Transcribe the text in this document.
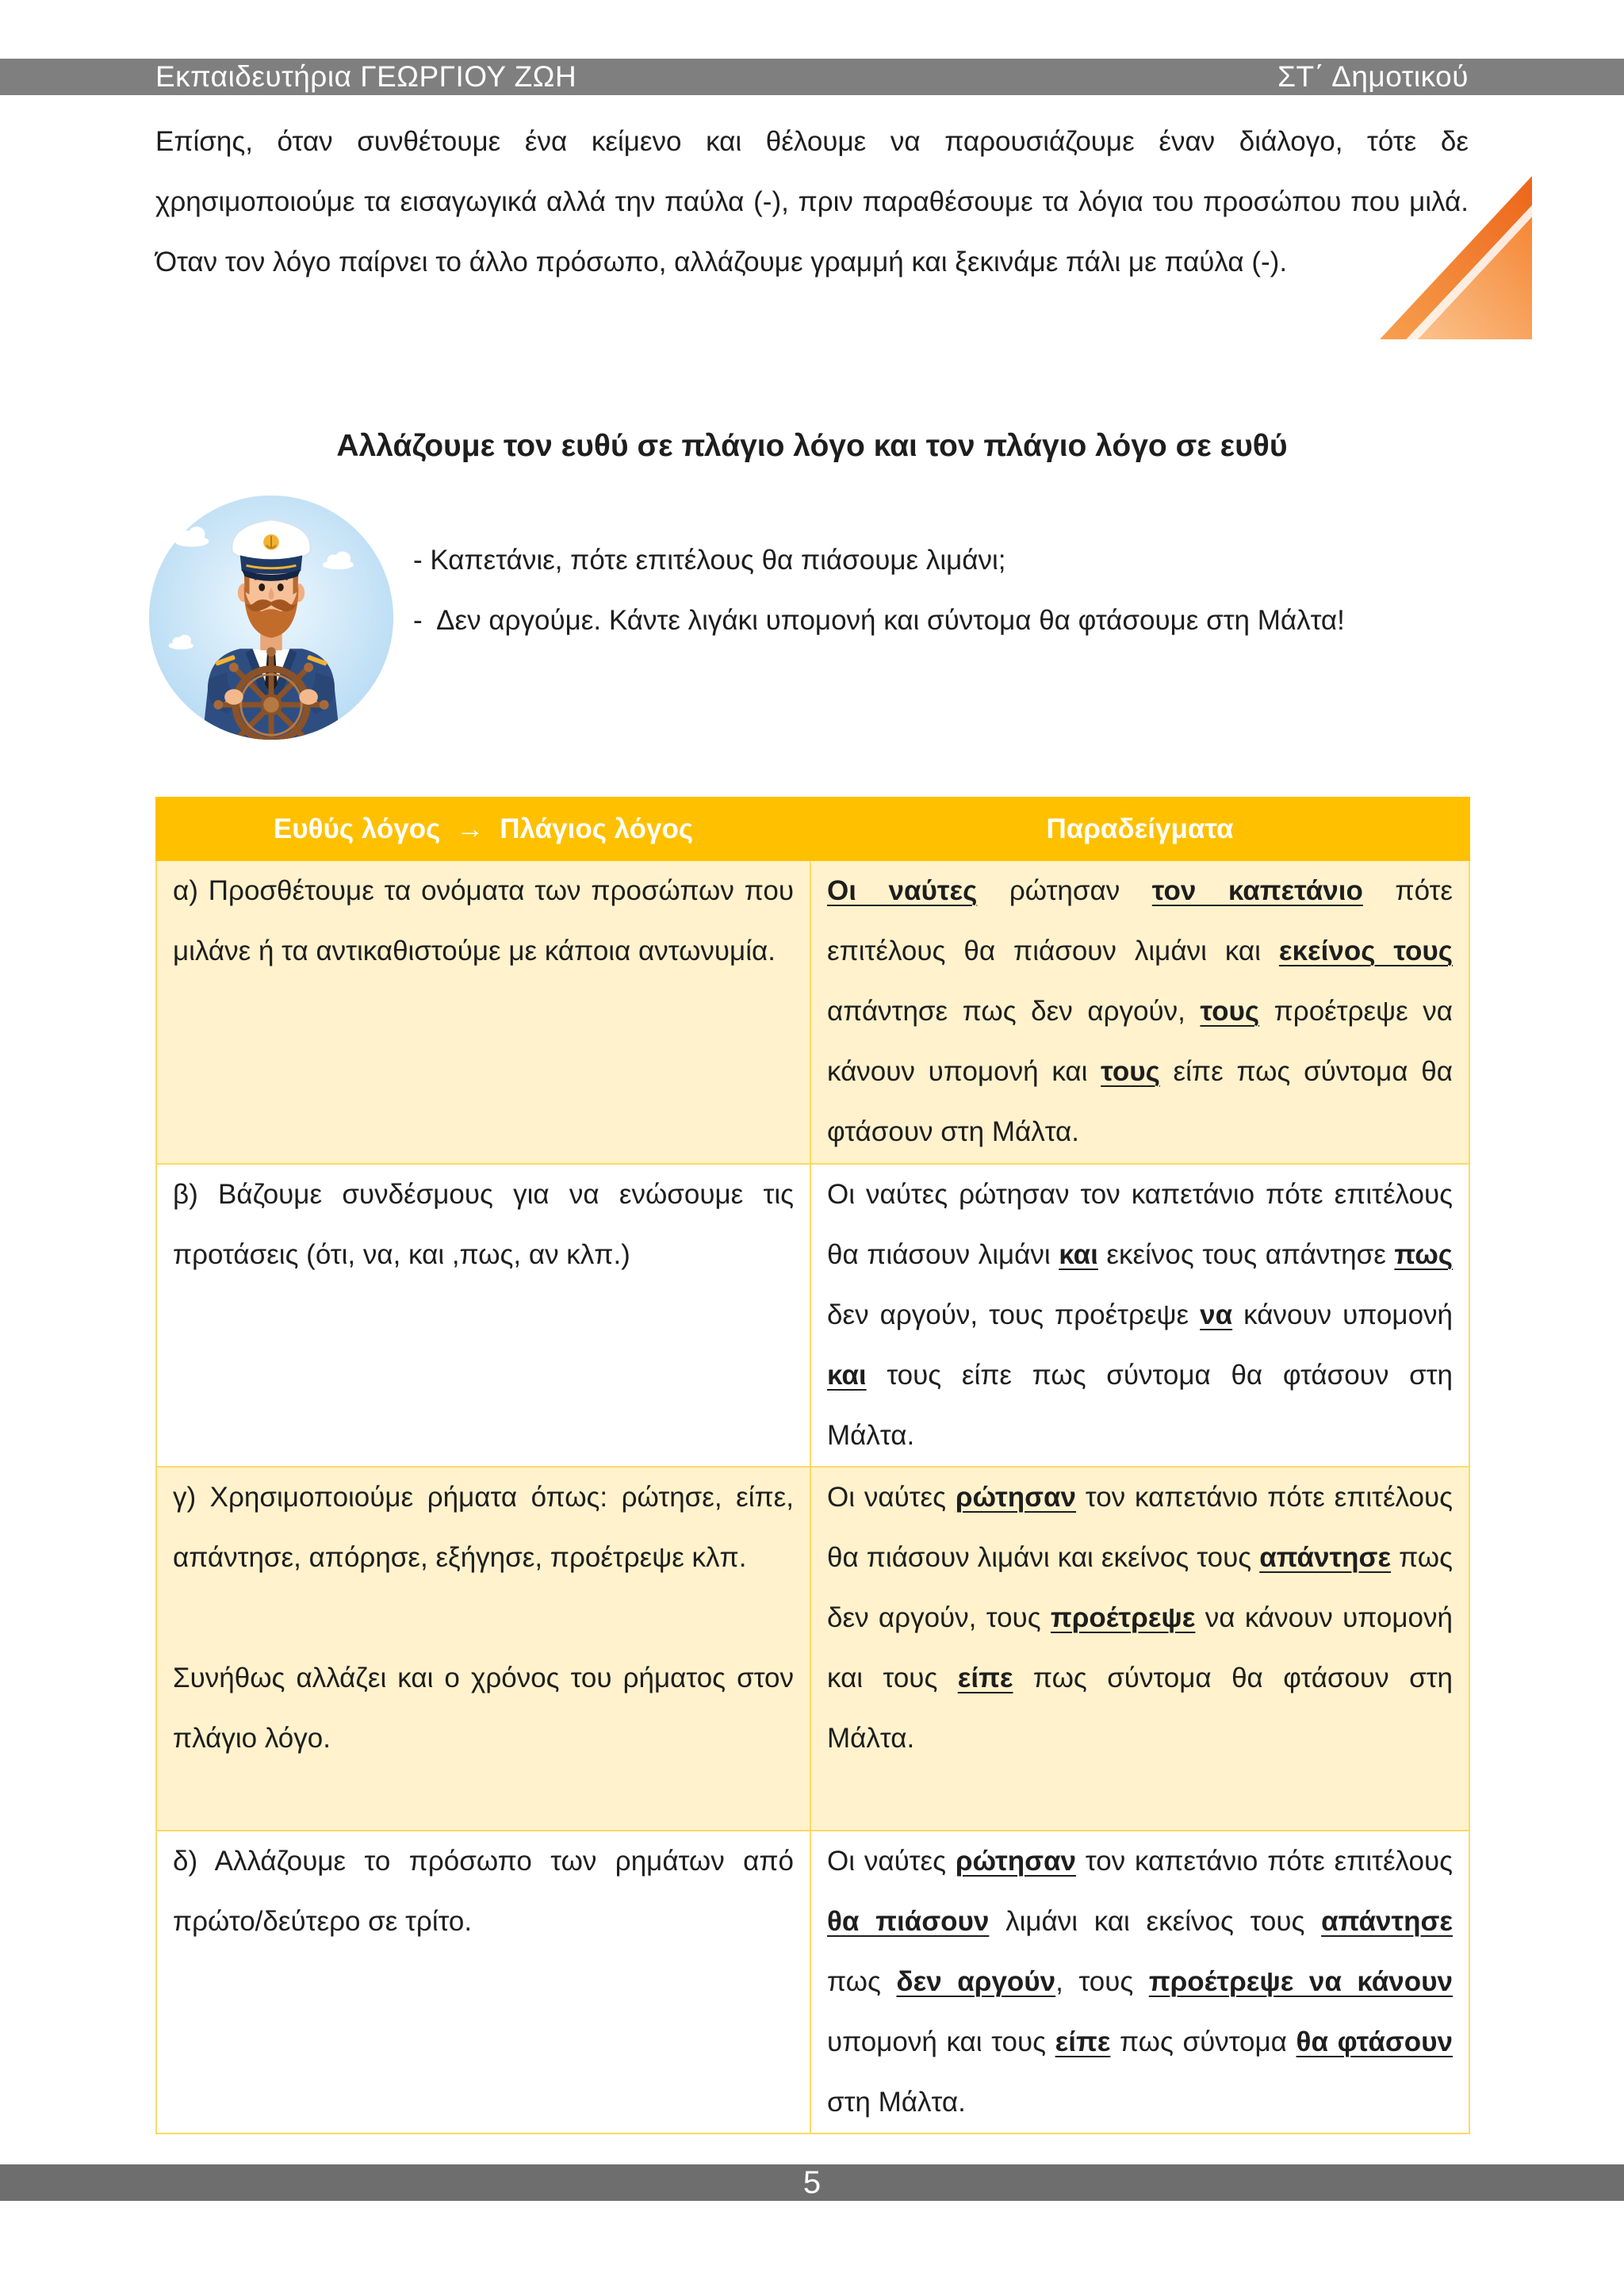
Εκπαιδευτήρια ΓΕΩΡΓΙΟΥ ΖΩΗ	ΣΤ΄ Δημοτικού

Επίσης, όταν συνθέτουμε ένα κείμενο και θέλουμε να παρουσιάζουμε έναν διάλογο, τότε δε χρησιμοποιούμε τα εισαγωγικά αλλά την παύλα (-), πριν παραθέσουμε τα λόγια του προσώπου που μιλά. Όταν τον λόγο παίρνει το άλλο πρόσωπο, αλλάζουμε γραμμή και ξεκινάμε πάλι με παύλα (-).

Αλλάζουμε τον ευθύ σε πλάγιο λόγο και τον πλάγιο λόγο σε ευθύ
- Καπετάνιε, πότε επιτέλους θα πιάσουμε λιμάνι;
-  Δεν αργούμε. Κάντε λιγάκι υπομονή και σύντομα θα φτάσουμε στη Μάλτα!
Ευθύς λόγος → Πλάγιος λόγος	Παραδείγματα

α) Προσθέτουμε τα ονόματα των προσώπων που μιλάνε ή τα αντικαθιστούμε με κάποια αντωνυμία.	Οι ναύτες ρώτησαν τον καπετάνιο πότε επιτέλους θα πιάσουν λιμάνι και εκείνος τους απάντησε πως δεν αργούν, τους προέτρεψε να κάνουν υπομονή και τους είπε πως σύντομα θα φτάσουν στη Μάλτα.

β) Βάζουμε συνδέσμους για να ενώσουμε τις προτάσεις (ότι, να, και ,πως, αν κλπ.)	Οι ναύτες ρώτησαν τον καπετάνιο πότε επιτέλους θα πιάσουν λιμάνι και εκείνος τους απάντησε πως δεν αργούν, τους προέτρεψε να κάνουν υπομονή και τους είπε πως σύντομα θα φτάσουν στη Μάλτα.

γ) Χρησιμοποιούμε ρήματα όπως: ρώτησε, είπε, απάντησε, απόρησε, εξήγησε, προέτρεψε κλπ.

Συνήθως αλλάζει και ο χρόνος του ρήματος στον πλάγιο λόγο.	Οι ναύτες ρώτησαν τον καπετάνιο πότε επιτέλους θα πιάσουν λιμάνι και εκείνος τους απάντησε πως δεν αργούν, τους προέτρεψε να κάνουν υπομονή και τους είπε πως σύντομα θα φτάσουν στη Μάλτα.

δ) Αλλάζουμε το πρόσωπο των ρημάτων από πρώτο/δεύτερο σε τρίτο.	Οι ναύτες ρώτησαν τον καπετάνιο πότε επιτέλους θα πιάσουν λιμάνι και εκείνος τους απάντησε πως δεν αργούν, τους προέτρεψε να κάνουν υπομονή και τους είπε πως σύντομα θα φτάσουν στη Μάλτα.

5
